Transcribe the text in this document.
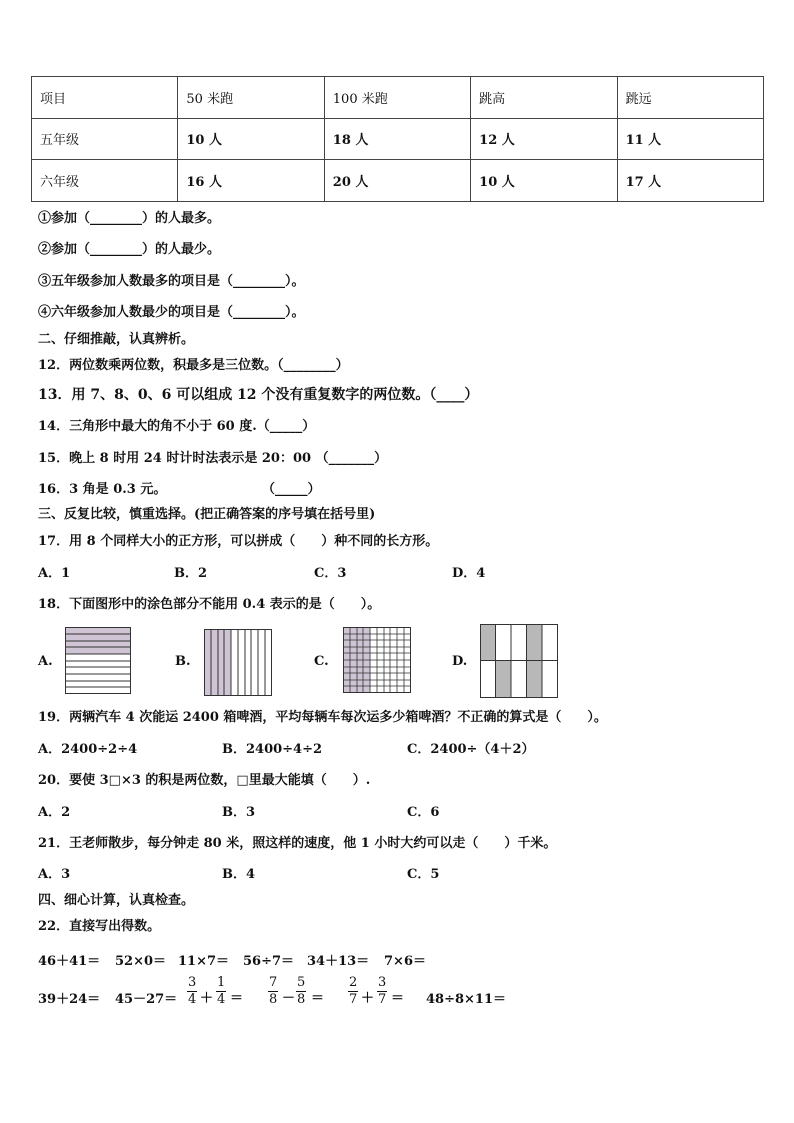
项目	50 米跑	100 米跑	跳高	跳远
五年级	10 人	18 人	12 人	11 人
六年级	16 人	20 人	10 人	17 人
①参加（________）的人最多。
②参加（________）的人最少。
③五年级参加人数最多的项目是（________）。
④六年级参加人数最少的项目是（________）。
二、仔细推敲，认真辨析。
12．两位数乘两位数，积最多是三位数。（________）
13．用 7、8、0、6 可以组成 12 个没有重复数字的两位数。（____）
14．三角形中最大的角不小于 60 度.（_____）
15．晚上 8 时用 24 时计时法表示是 20：00 （_______）
16．3 角是 0.3 元。	（_____）
三、反复比较，慎重选择。(把正确答案的序号填在括号里)
17．用 8 个同样大小的正方形，可以拼成（　　）种不同的长方形。
A．1	B．2	C．3	D．4
18．下面图形中的涂色部分不能用 0.4 表示的是（　　）。
A.	B.	C.	D.
19．两辆汽车 4 次能运 2400 箱啤酒，平均每辆车每次运多少箱啤酒？不正确的算式是（　　）。
A．2400÷2÷4	B．2400÷4÷2	C．2400÷（4＋2）
20．要使 3□×3 的积是两位数，□里最大能填（　　）.
A．2	B．3	C．6
21．王老师散步，每分钟走 80 米，照这样的速度，他 1 小时大约可以走（　　）千米。
A．3	B．4	C．5
四、细心计算，认真检查。
22．直接写出得数。
46＋41＝ 52×0＝ 11×7＝ 56÷7＝ 34＋13＝ 7×6＝
$39+24= 45-27= \frac{3}{4} + \frac{1}{4} = \frac{7}{8} - \frac{5}{8} = \frac{2}{7} + \frac{3}{7} = 48\div 8\times 11=$
